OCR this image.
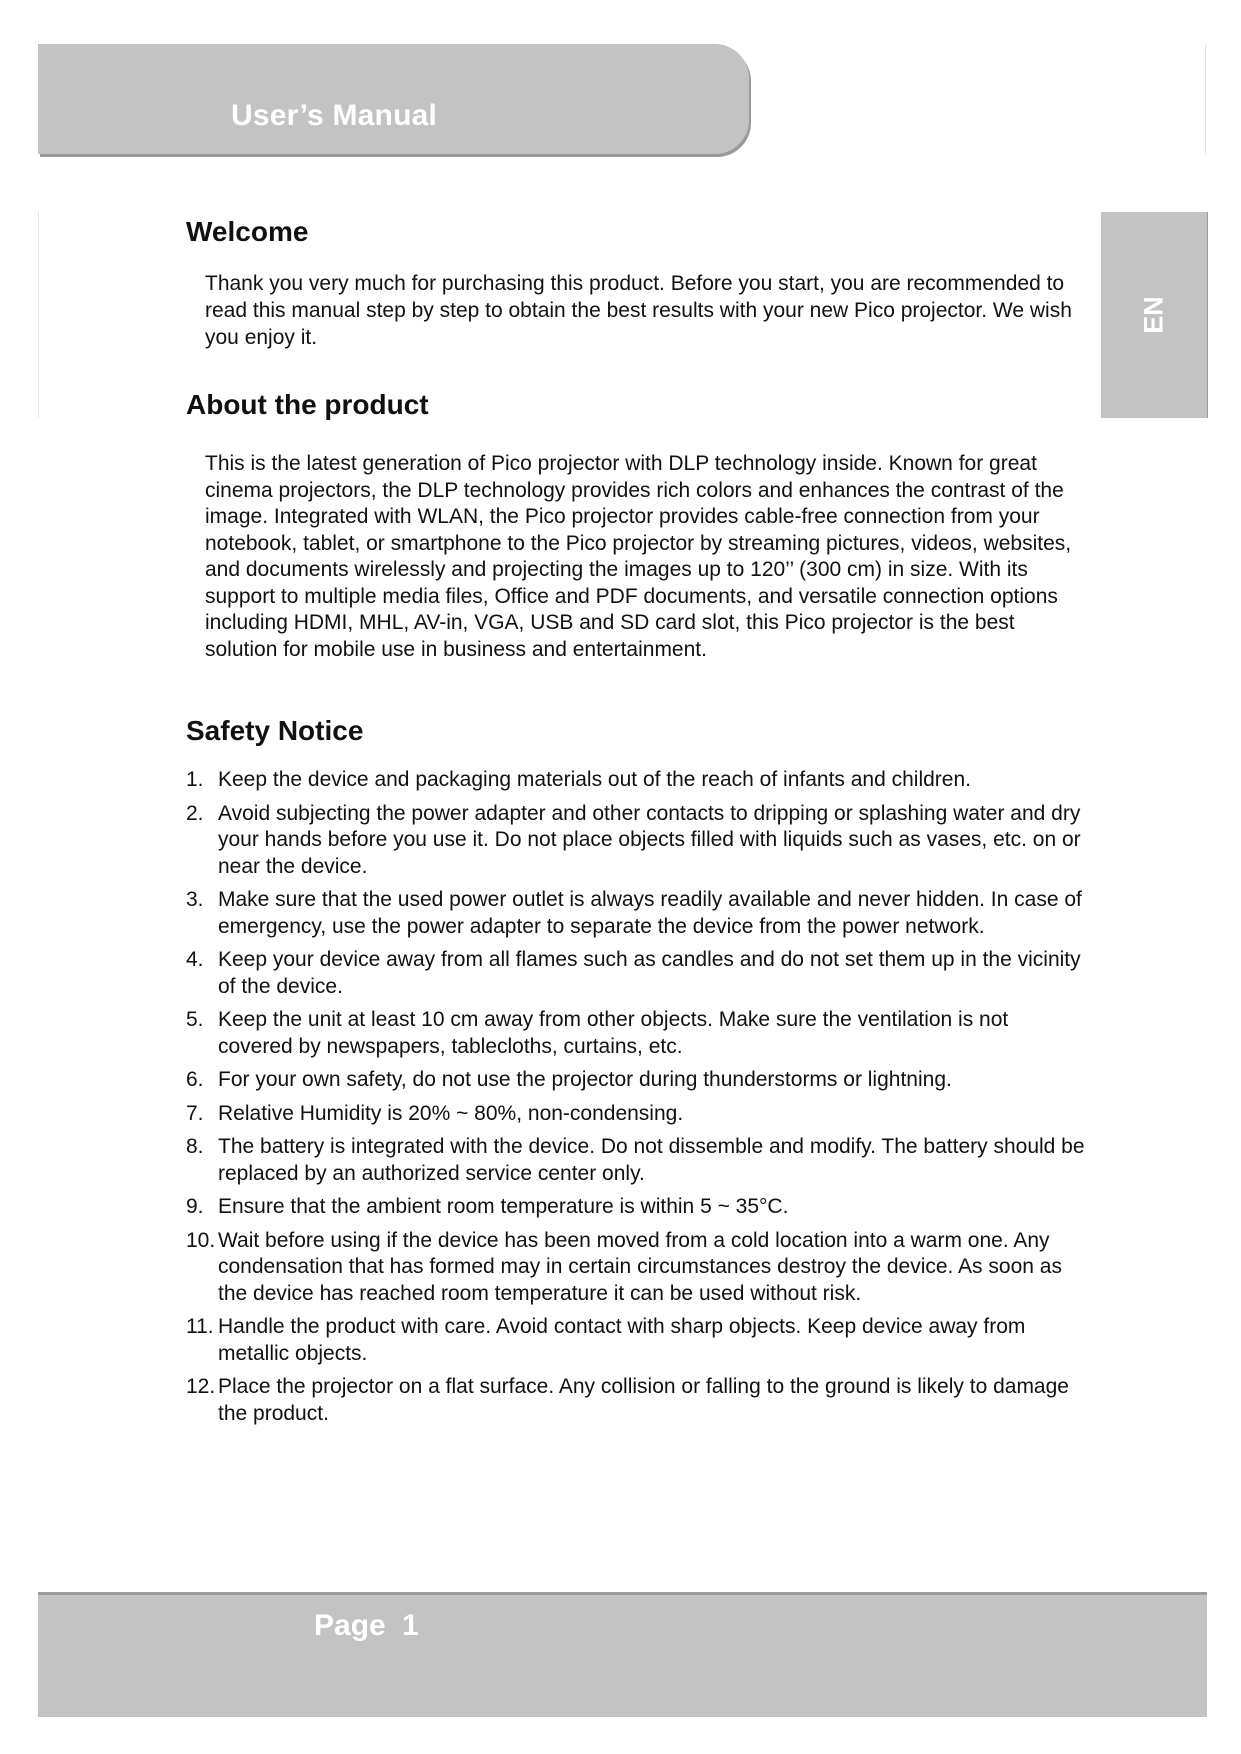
User’s Manual
EN
Welcome

Thank you very much for purchasing this product. Before you start, you are recommended to read this manual step by step to obtain the best results with your new Pico projector. We wish you enjoy it.

About the product

This is the latest generation of Pico projector with DLP technology inside. Known for great cinema projectors, the DLP technology provides rich colors and enhances the contrast of the image. Integrated with WLAN, the Pico projector provides cable-free connection from your notebook, tablet, or smartphone to the Pico projector by streaming pictures, videos, websites, and documents wirelessly and projecting the images up to 120’’ (300 cm) in size. With its support to multiple media files, Office and PDF documents, and versatile connection options including HDMI, MHL, AV-in, VGA, USB and SD card slot, this Pico projector is the best solution for mobile use in business and entertainment.

Safety Notice
1. Keep the device and packaging materials out of the reach of infants and children.
2. Avoid subjecting the power adapter and other contacts to dripping or splashing water and dry your hands before you use it. Do not place objects filled with liquids such as vases, etc. on or near the device.
3. Make sure that the used power outlet is always readily available and never hidden. In case of emergency, use the power adapter to separate the device from the power network.
4. Keep your device away from all flames such as candles and do not set them up in the vicinity of the device.
5. Keep the unit at least 10 cm away from other objects. Make sure the ventilation is not covered by newspapers, tablecloths, curtains, etc.
6. For your own safety, do not use the projector during thunderstorms or lightning.
7. Relative Humidity is 20% ~ 80%, non-condensing.
8. The battery is integrated with the device. Do not dissemble and modify. The battery should be replaced by an authorized service center only.
9. Ensure that the ambient room temperature is within 5 ~ 35°C.
10. Wait before using if the device has been moved from a cold location into a warm one. Any condensation that has formed may in certain circumstances destroy the device. As soon as the device has reached room temperature it can be used without risk.
11. Handle the product with care. Avoid contact with sharp objects. Keep device away from metallic objects.
12. Place the projector on a flat surface. Any collision or falling to the ground is likely to damage the product.
Page 1
